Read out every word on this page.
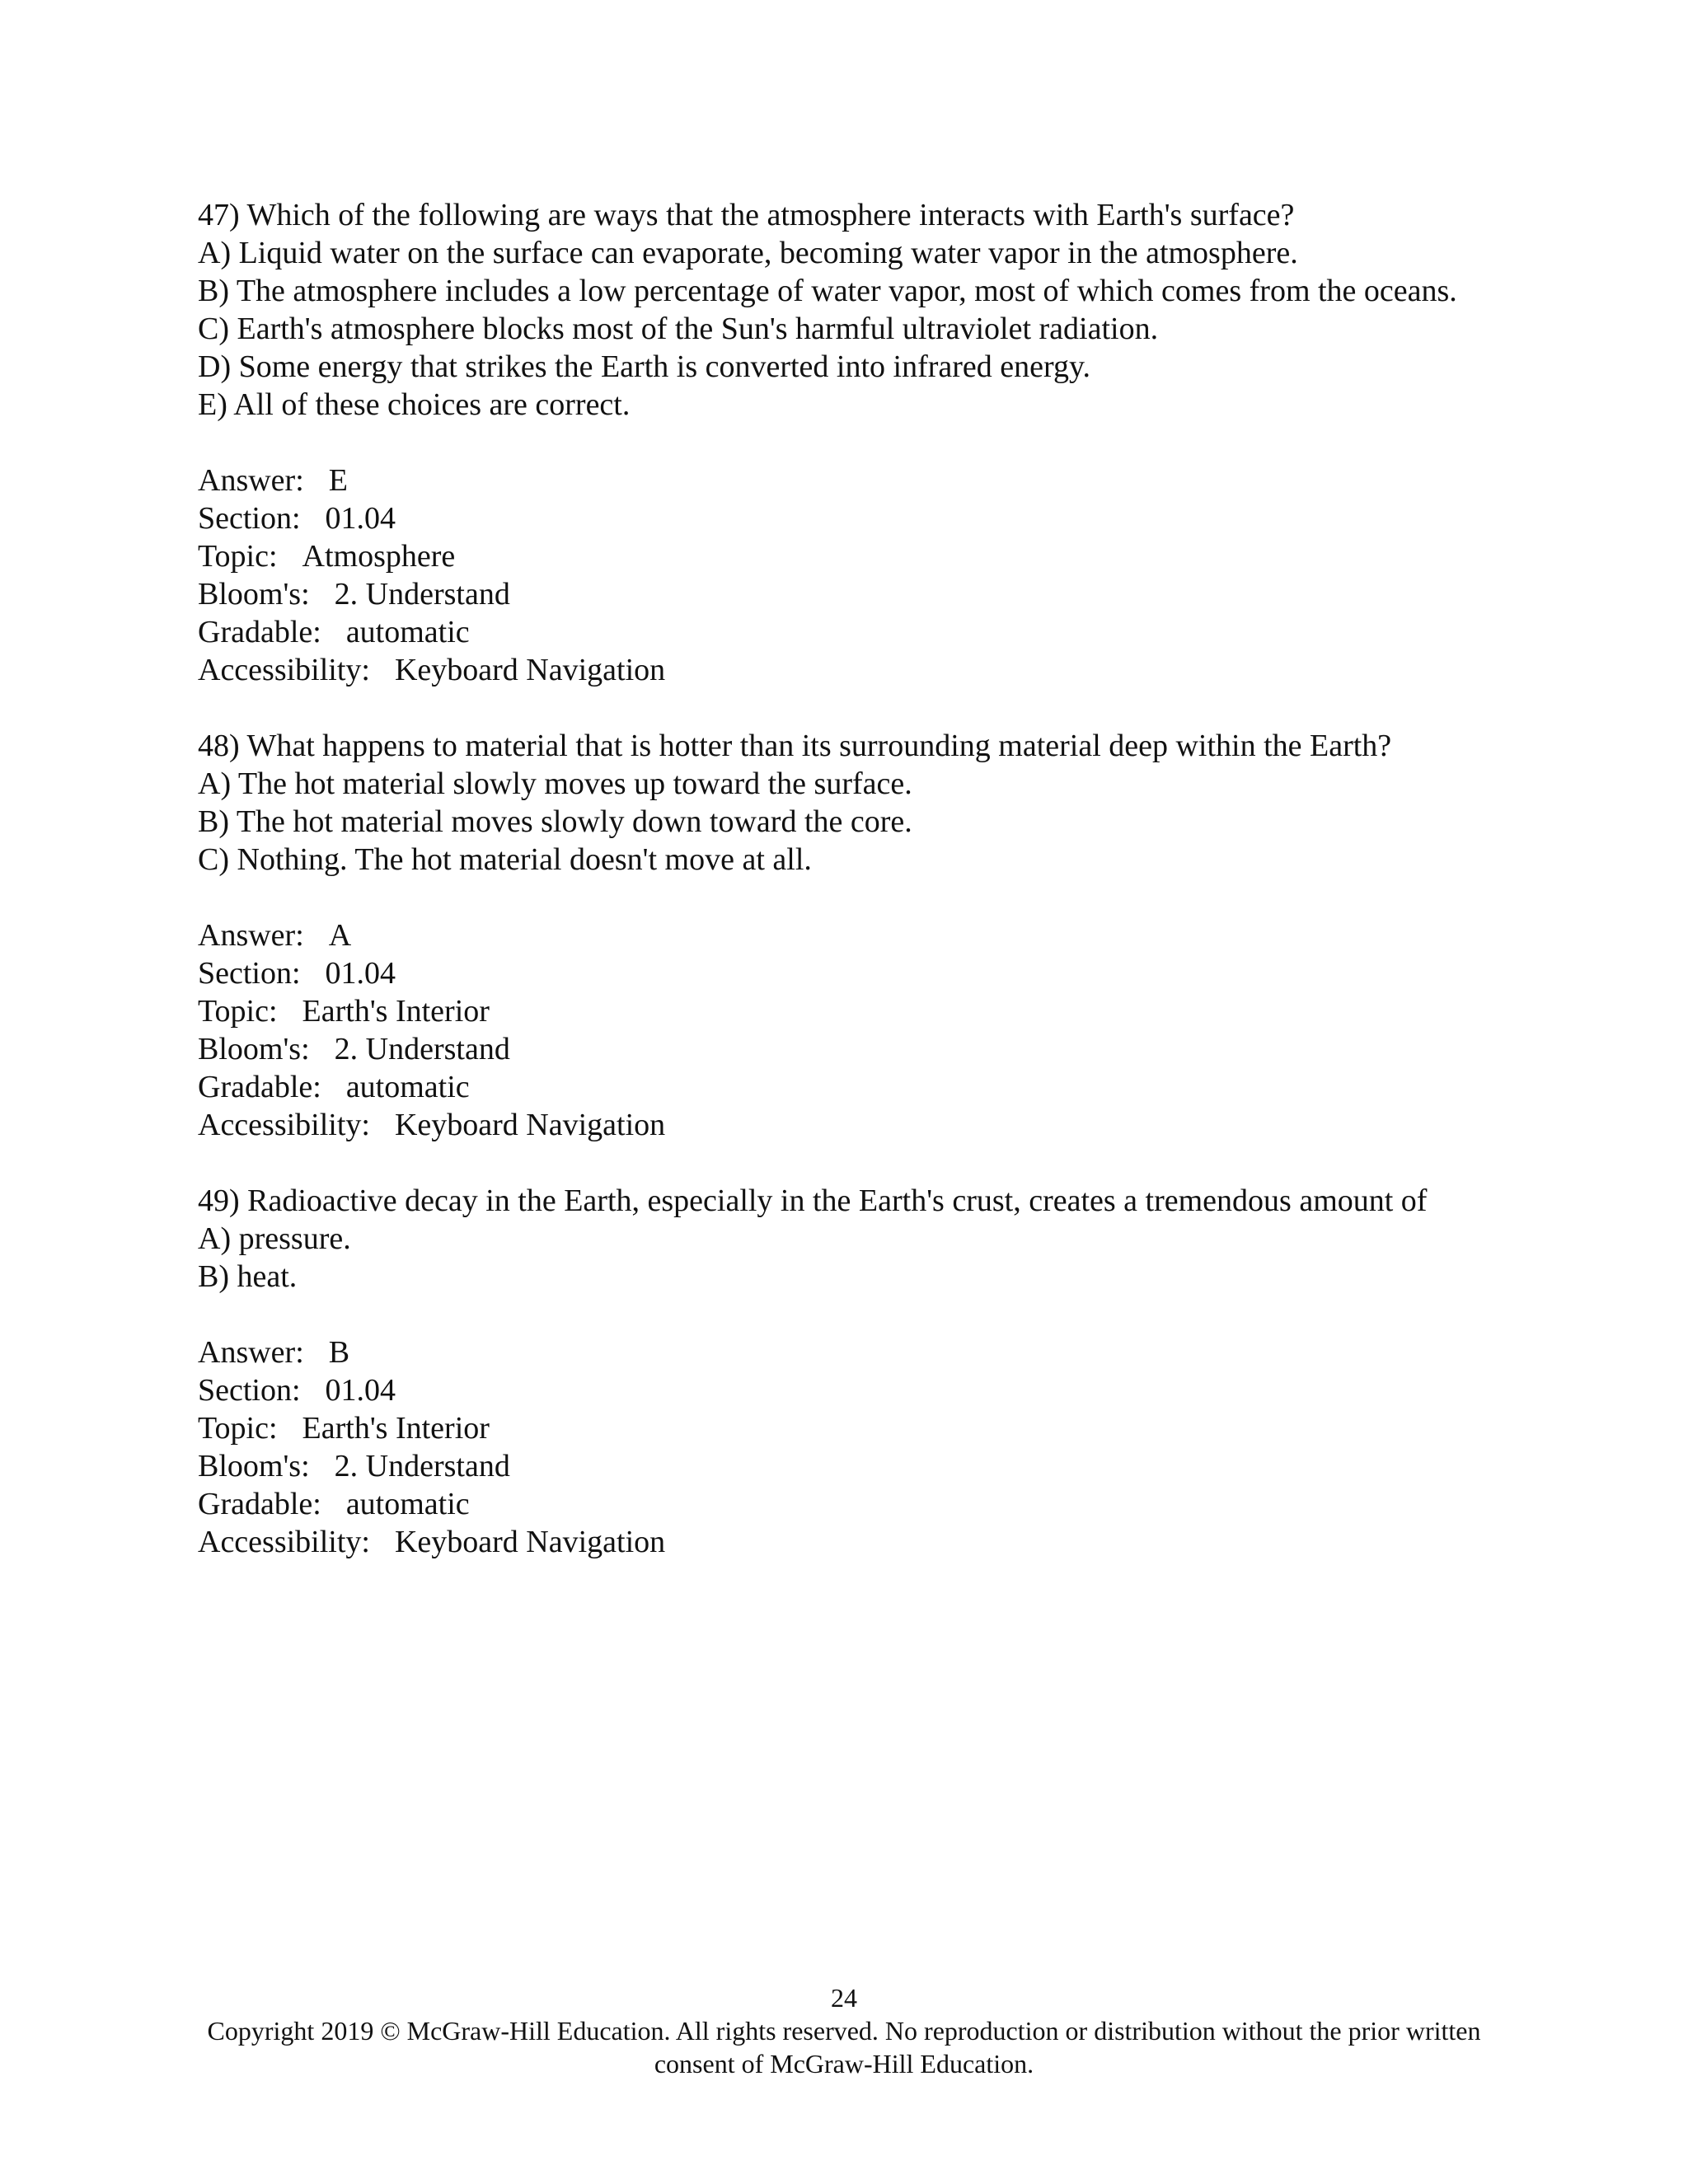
47) Which of the following are ways that the atmosphere interacts with Earth's surface?
A) Liquid water on the surface can evaporate, becoming water vapor in the atmosphere.
B) The atmosphere includes a low percentage of water vapor, most of which comes from the oceans.
C) Earth's atmosphere blocks most of the Sun's harmful ultraviolet radiation.
D) Some energy that strikes the Earth is converted into infrared energy.
E) All of these choices are correct.
Answer: E
Section: 01.04
Topic: Atmosphere
Bloom's: 2. Understand
Gradable: automatic
Accessibility: Keyboard Navigation
48) What happens to material that is hotter than its surrounding material deep within the Earth?
A) The hot material slowly moves up toward the surface.
B) The hot material moves slowly down toward the core.
C) Nothing. The hot material doesn't move at all.
Answer: A
Section: 01.04
Topic: Earth's Interior
Bloom's: 2. Understand
Gradable: automatic
Accessibility: Keyboard Navigation
49) Radioactive decay in the Earth, especially in the Earth's crust, creates a tremendous amount of
A) pressure.
B) heat.
Answer: B
Section: 01.04
Topic: Earth's Interior
Bloom's: 2. Understand
Gradable: automatic
Accessibility: Keyboard Navigation
24
Copyright 2019 © McGraw-Hill Education. All rights reserved. No reproduction or distribution without the prior written consent of McGraw-Hill Education.
